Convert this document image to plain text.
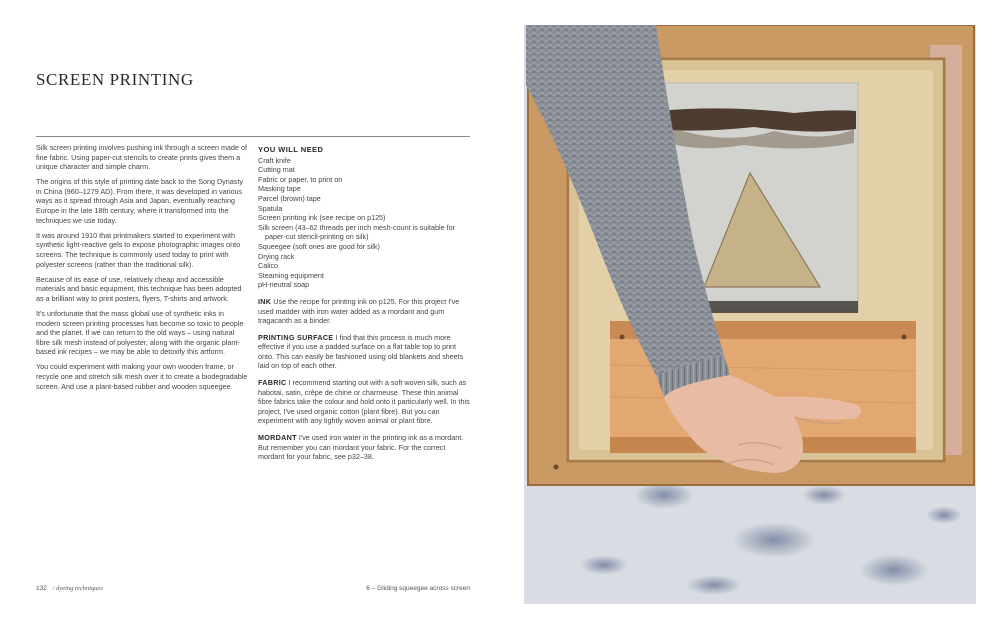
SCREEN PRINTING

Silk screen printing involves pushing ink through a screen made of fine fabric. Using paper-cut stencils to create prints gives them a unique character and simple charm.

The origins of this style of printing date back to the Song Dynasty in China (960–1279 AD). From there, it was developed in various ways as it spread through Asia and Japan, eventually reaching Europe in the late 18th century, where it transformed into the techniques we use today.

It was around 1910 that printmakers started to experiment with synthetic light-reactive gels to expose photographic images onto screens. The technique is commonly used today to print with polyester screens (rather than the traditional silk).

Because of its ease of use, relatively cheap and accessible materials and basic equipment, this technique has been adopted as a brilliant way to print posters, flyers, T-shirts and artwork.

It's unfortunate that the mass global use of synthetic inks in modern screen printing processes has become so toxic to people and the planet. If we can return to the old ways – using natural fibre silk mesh instead of polyester, along with the organic plant-based ink recipes – we may be able to detoxify this artform.

You could experiment with making your own wooden frame, or recycle one and stretch silk mesh over it to create a biodegradable screen. And use a plant-based rubber and wooden squeegee.

YOU WILL NEED
Craft knife
Cutting mat
Fabric or paper, to print on
Masking tape
Parcel (brown) tape
Spatula
Screen printing ink (see recipe on p125)
Silk screen (43–62 threads per inch mesh-count is suitable for paper-cut stencil-printing on silk)
Squeegee (soft ones are good for silk)
Drying rack
Calico
Steaming equipment
pH-neutral soap

INK Use the recipe for printing ink on p125. For this project I've used madder with iron water added as a mordant and gum tragacanth as a binder.

PRINTING SURFACE I find that this process is much more effective if you use a padded surface on a flat table top to print onto. This can easily be fashioned using old blankets and sheets laid on top of each other.

FABRIC I recommend starting out with a soft woven silk, such as habotai, satin, crêpe de chine or charmeuse. These thin animal fibre fabrics take the colour and hold onto it particularly well. In this project, I've used organic cotton (plant fibre). But you can experiment with any tightly woven animal or plant fibre.

MORDANT I've used iron water in the printing ink as a mordant. But remember you can mordant your fabric. For the correct mordant for your fabric, see p32–38.

132 / dyeing techniques	6 – Gliding squeegee across screen
